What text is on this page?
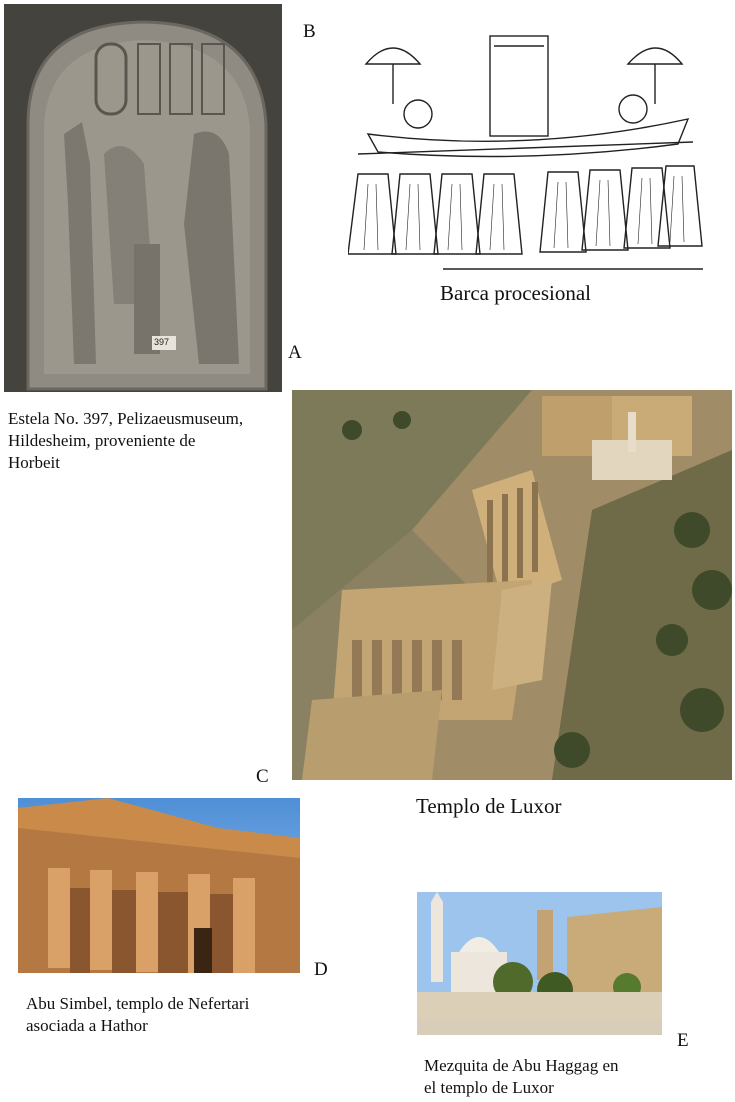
397
B
Barca procesional
A
Estela No. 397, Pelizaeusmuseum,
Hildesheim, proveniente de
Horbeit
C
Templo de Luxor
D
Abu Simbel, templo de Nefertari
asociada a Hathor
E
Mezquita de Abu Haggag en
el templo de Luxor
